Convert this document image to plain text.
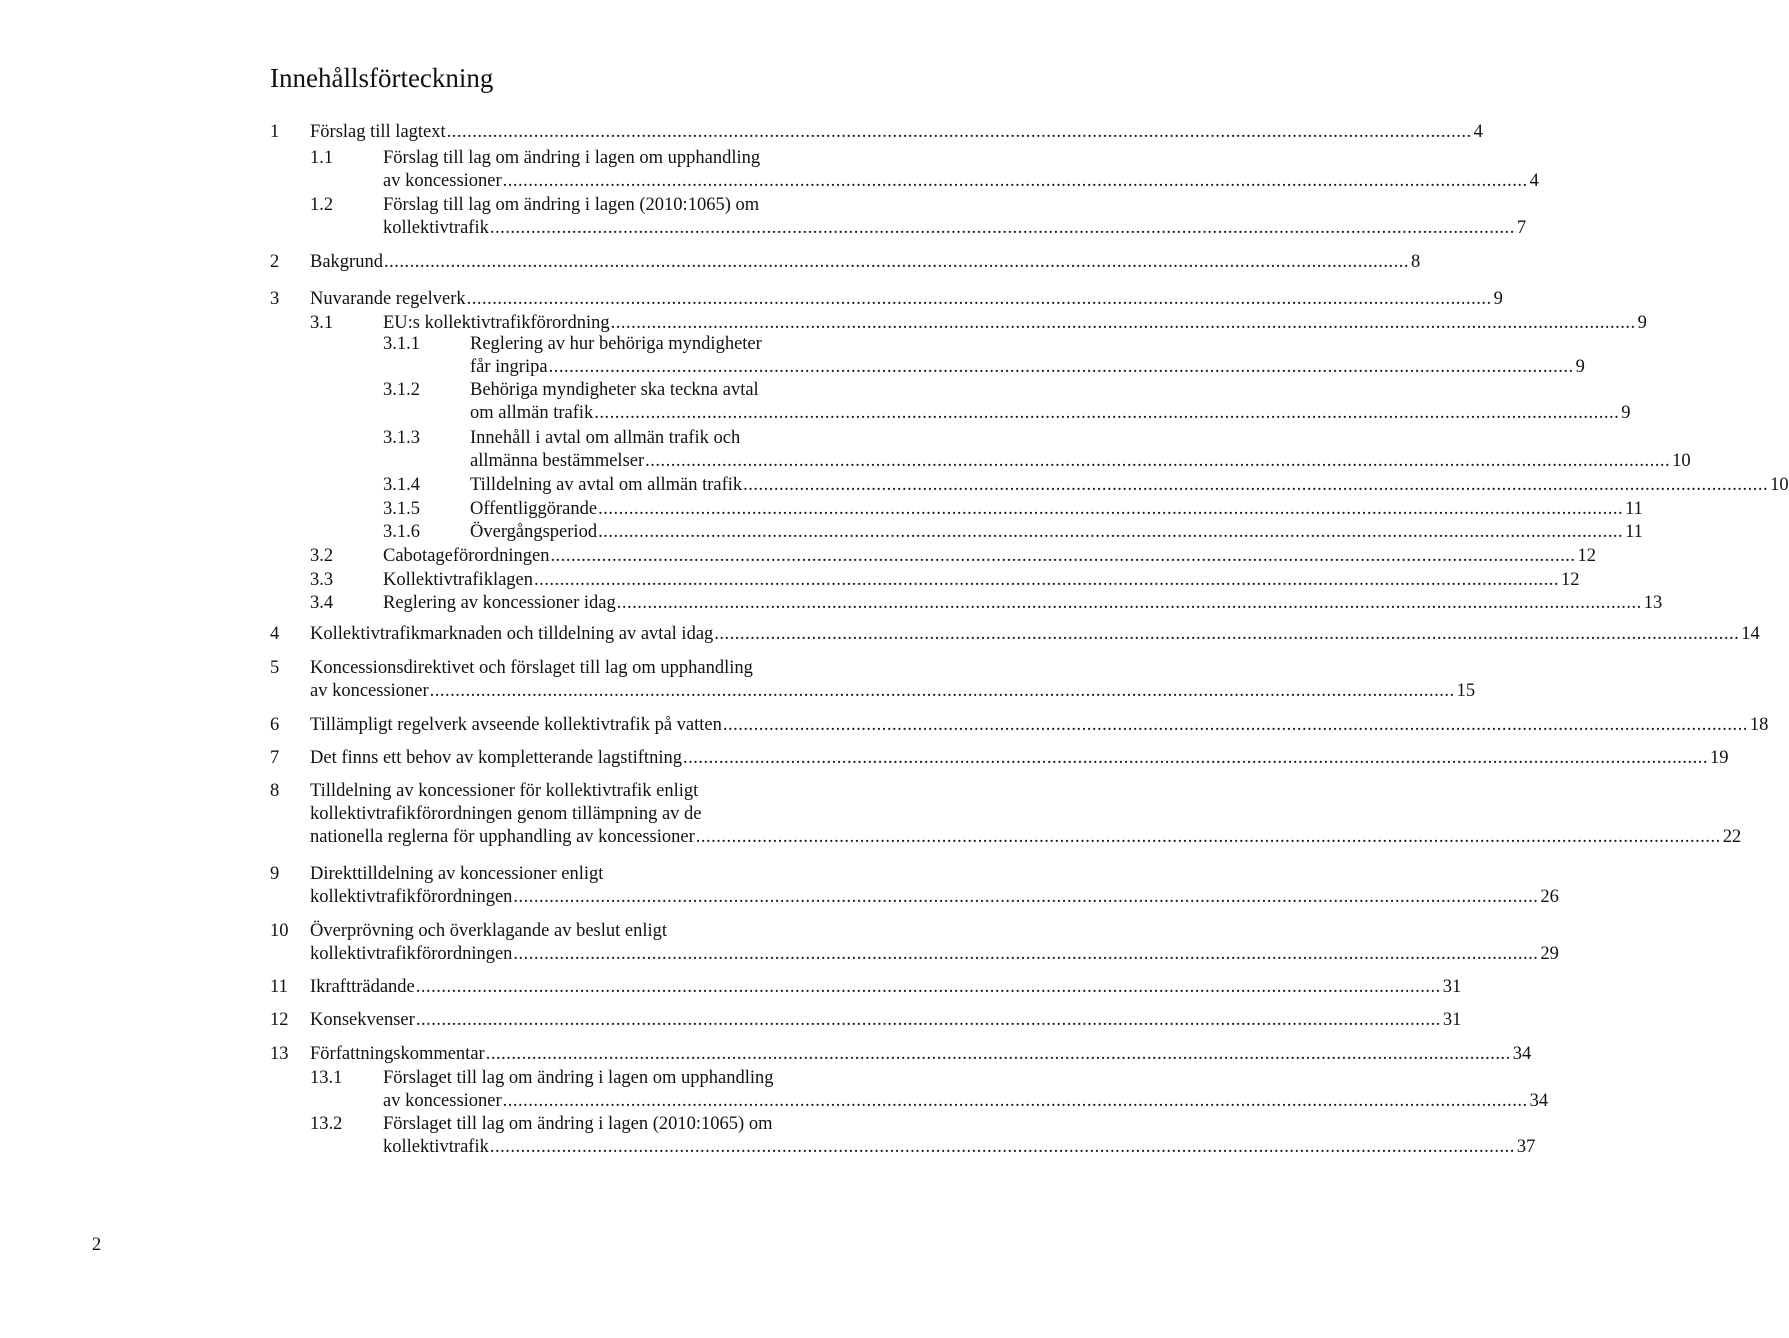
Innehållsförteckning
1 Förslag till lagtext ........................................................................................................................................................................................................ 4
1.1	Förslag till lag om ändring i lagen om upphandling
av koncessioner ........................................................................................................................................................................................................ 4
1.2	Förslag till lag om ändring i lagen (2010:1065) om
kollektivtrafik ........................................................................................................................................................................................................ 7
2 Bakgrund ........................................................................................................................................................................................................ 8
3 Nuvarande regelverk ........................................................................................................................................................................................................ 9
3.1	EU:s kollektivtrafikförordning ........................................................................................................................................................................................................ 9
3.1.1	Reglering av hur behöriga myndigheter
får ingripa ........................................................................................................................................................................................................ 9
3.1.2	Behöriga myndigheter ska teckna avtal
om allmän trafik ........................................................................................................................................................................................................ 9
3.1.3	Innehåll i avtal om allmän trafik och
allmänna bestämmelser ........................................................................................................................................................................................................ 10
3.1.4	Tilldelning av avtal om allmän trafik ........................................................................................................................................................................................................ 10
3.1.5	Offentliggörande ........................................................................................................................................................................................................ 11
3.1.6	Övergångsperiod ........................................................................................................................................................................................................ 11
3.2	Cabotageförordningen ........................................................................................................................................................................................................ 12
3.3	Kollektivtrafiklagen ........................................................................................................................................................................................................ 12
3.4	Reglering av koncessioner idag ........................................................................................................................................................................................................ 13
4 Kollektivtrafikmarknaden och tilldelning av avtal idag ........................................................................................................................................................................................................ 14
5 Koncessionsdirektivet och förslaget till lag om upphandling
av koncessioner ........................................................................................................................................................................................................ 15
6 Tillämpligt regelverk avseende kollektivtrafik på vatten ........................................................................................................................................................................................................ 18
7 Det finns ett behov av kompletterande lagstiftning ........................................................................................................................................................................................................ 19
8 Tilldelning av koncessioner för kollektivtrafik enligt
kollektivtrafikförordningen genom tillämpning av de
nationella reglerna för upphandling av koncessioner ........................................................................................................................................................................................................ 22
9 Direkttilldelning av koncessioner enligt
kollektivtrafikförordningen ........................................................................................................................................................................................................ 26
10 Överprövning och överklagande av beslut enligt
kollektivtrafikförordningen ........................................................................................................................................................................................................ 29
11 Ikraftträdande ........................................................................................................................................................................................................ 31
12 Konsekvenser ........................................................................................................................................................................................................ 31
13 Författningskommentar ........................................................................................................................................................................................................ 34
13.1 Förslaget till lag om ändring i lagen om upphandling
av koncessioner ........................................................................................................................................................................................................ 34
13.2 Förslaget till lag om ändring i lagen (2010:1065) om
kollektivtrafik ........................................................................................................................................................................................................ 37
2
